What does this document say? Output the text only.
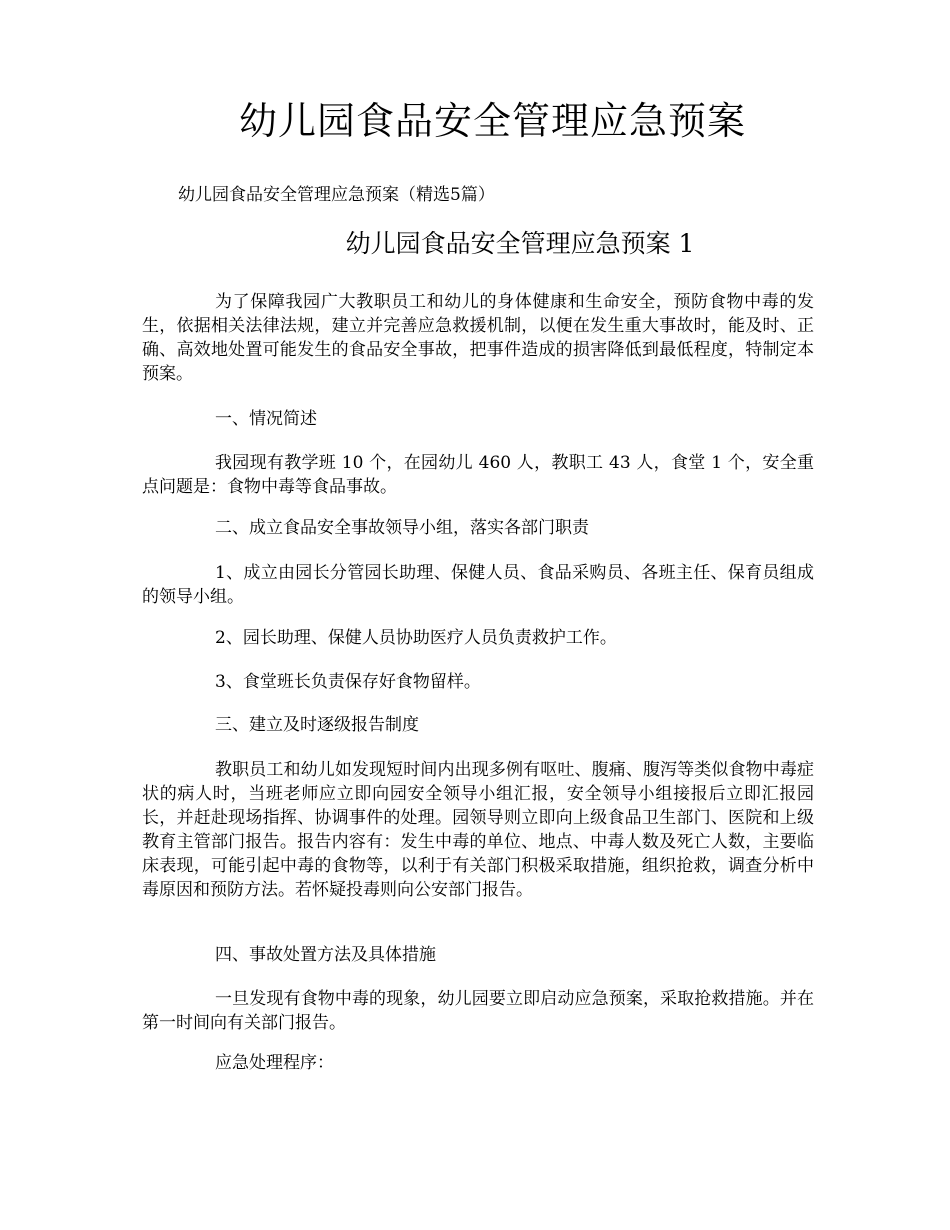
幼儿园食品安全管理应急预案

幼儿园食品安全管理应急预案（精选5篇）

幼儿园食品安全管理应急预案 1

为了保障我园广大教职员工和幼儿的身体健康和生命安全，预防食物中毒的发生，依据相关法律法规，建立并完善应急救援机制，以便在发生重大事故时，能及时、正确、高效地处置可能发生的食品安全事故，把事件造成的损害降低到最低程度，特制定本预案。

一、情况简述

我园现有教学班 10 个，在园幼儿 460 人，教职工 43 人，食堂 1 个，安全重点问题是：食物中毒等食品事故。

二、成立食品安全事故领导小组，落实各部门职责

1、成立由园长分管园长助理、保健人员、食品采购员、各班主任、保育员组成的领导小组。

2、园长助理、保健人员协助医疗人员负责救护工作。

3、食堂班长负责保存好食物留样。

三、建立及时逐级报告制度

教职员工和幼儿如发现短时间内出现多例有呕吐、腹痛、腹泻等类似食物中毒症状的病人时，当班老师应立即向园安全领导小组汇报，安全领导小组接报后立即汇报园长，并赶赴现场指挥、协调事件的处理。园领导则立即向上级食品卫生部门、医院和上级教育主管部门报告。报告内容有：发生中毒的单位、地点、中毒人数及死亡人数，主要临床表现，可能引起中毒的食物等，以利于有关部门积极采取措施，组织抢救，调查分析中毒原因和预防方法。若怀疑投毒则向公安部门报告。

四、事故处置方法及具体措施

一旦发现有食物中毒的现象，幼儿园要立即启动应急预案，采取抢救措施。并在第一时间向有关部门报告。

应急处理程序：
